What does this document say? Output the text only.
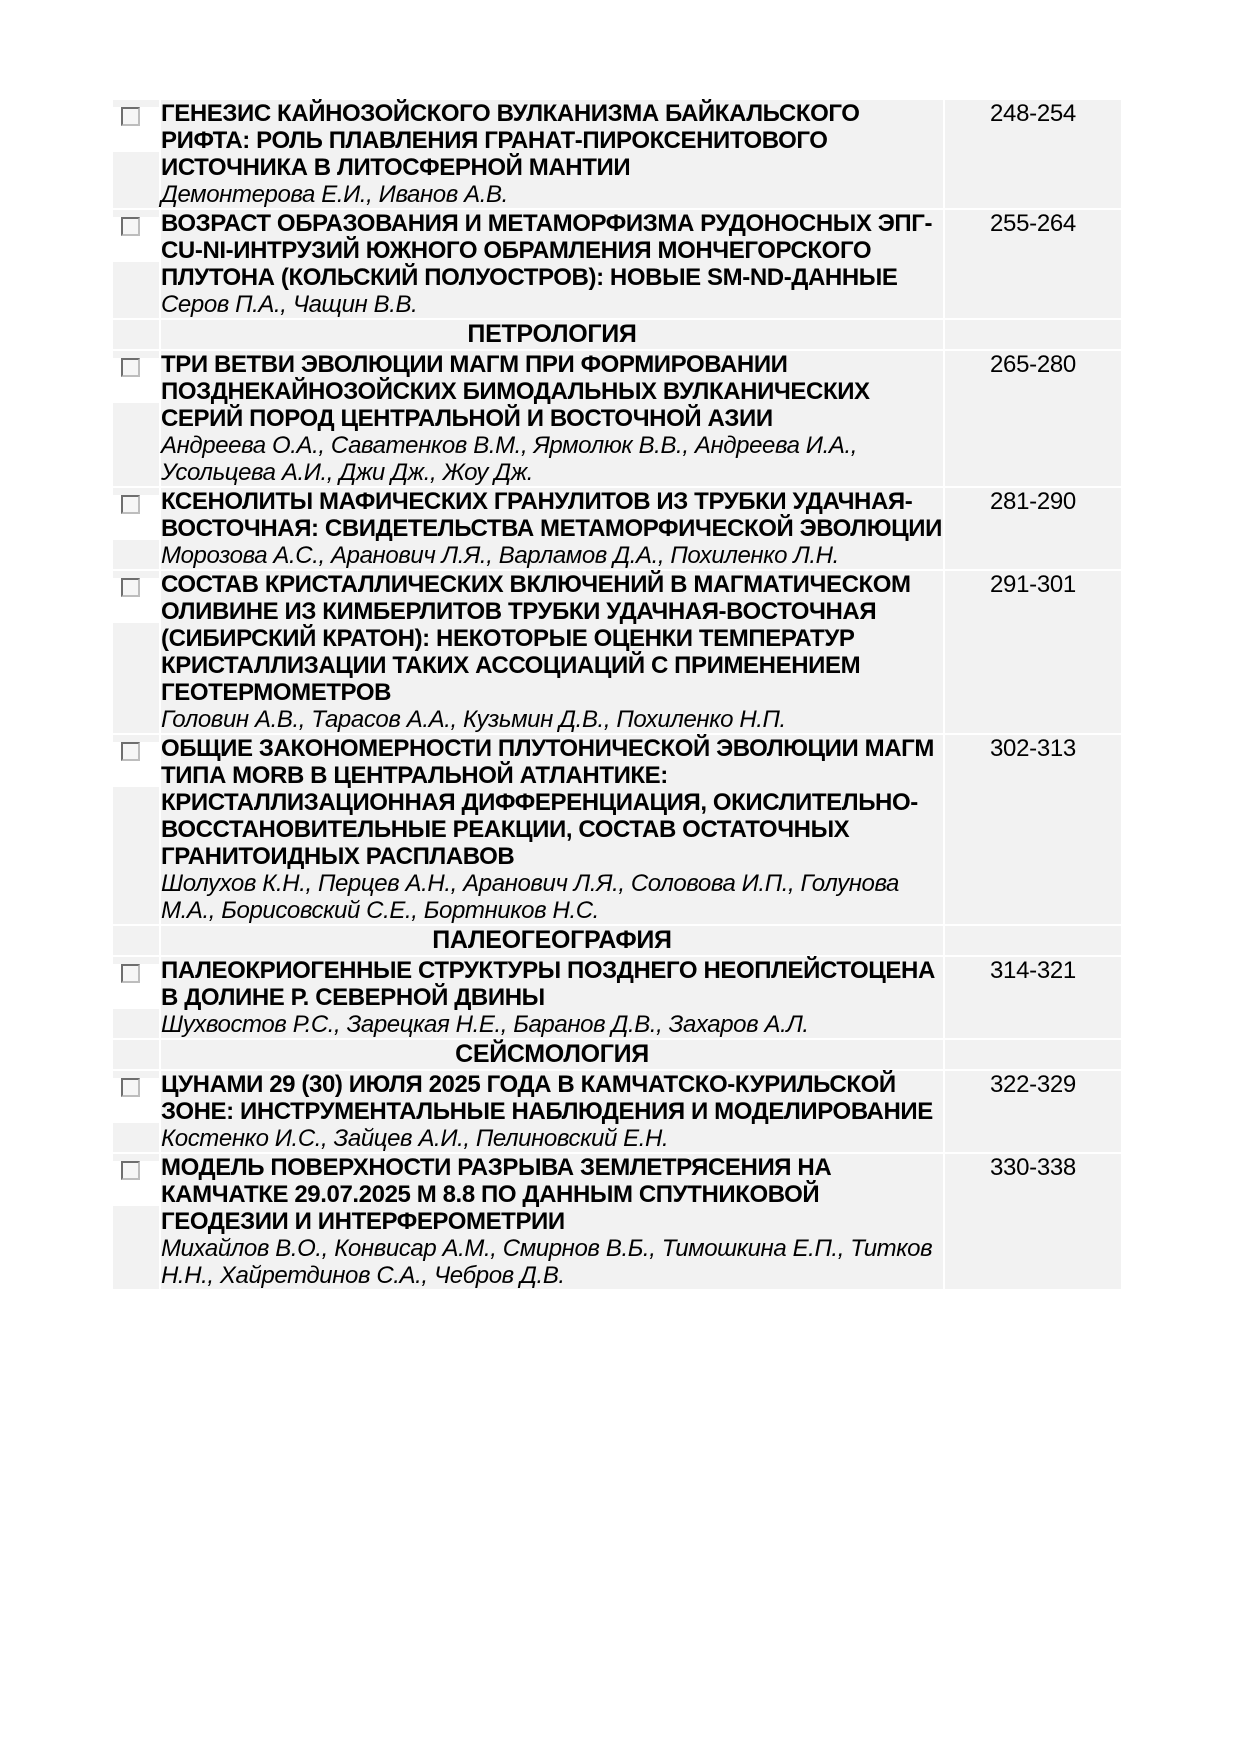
	ГЕНЕЗИС КАЙНОЗОЙСКОГО ВУЛКАНИЗМА БАЙКАЛЬСКОГО РИФТА: РОЛЬ ПЛАВЛЕНИЯ ГРАНАТ-ПИРОКСЕНИТОВОГО ИСТОЧНИКА В ЛИТОСФЕРНОЙ МАНТИИ
Демонтерова Е.И., Иванов А.В.	248-254

	ВОЗРАСТ ОБРАЗОВАНИЯ И МЕТАМОРФИЗМА РУДОНОСНЫХ ЭПГ-CU-NI-ИНТРУЗИЙ ЮЖНОГО ОБРАМЛЕНИЯ МОНЧЕГОРСКОГО ПЛУТОНА (КОЛЬСКИЙ ПОЛУОСТРОВ): НОВЫЕ SM-ND-ДАННЫЕ
Серов П.А., Чащин В.В.	255-264
	ПЕТРОЛОГИЯ	

	ТРИ ВЕТВИ ЭВОЛЮЦИИ МАГМ ПРИ ФОРМИРОВАНИИ ПОЗДНЕКАЙНОЗОЙСКИХ БИМОДАЛЬНЫХ ВУЛКАНИЧЕСКИХ СЕРИЙ ПОРОД ЦЕНТРАЛЬНОЙ И ВОСТОЧНОЙ АЗИИ
Андреева О.А., Саватенков В.М., Ярмолюк В.В., Андреева И.А., Усольцева А.И., Джи Дж., Жоу Дж.	265-280

	КСЕНОЛИТЫ МАФИЧЕСКИХ ГРАНУЛИТОВ ИЗ ТРУБКИ УДАЧНАЯ-ВОСТОЧНАЯ: СВИДЕТЕЛЬСТВА МЕТАМОРФИЧЕСКОЙ ЭВОЛЮЦИИ
Морозова А.С., Аранович Л.Я., Варламов Д.А., Похиленко Л.Н.	281-290

	СОСТАВ КРИСТАЛЛИЧЕСКИХ ВКЛЮЧЕНИЙ В МАГМАТИЧЕСКОМ ОЛИВИНЕ ИЗ КИМБЕРЛИТОВ ТРУБКИ УДАЧНАЯ-ВОСТОЧНАЯ (СИБИРСКИЙ КРАТОН): НЕКОТОРЫЕ ОЦЕНКИ ТЕМПЕРАТУР КРИСТАЛЛИЗАЦИИ ТАКИХ АССОЦИАЦИЙ С ПРИМЕНЕНИЕМ ГЕОТЕРМОМЕТРОВ
Головин А.В., Тарасов А.А., Кузьмин Д.В., Похиленко Н.П.	291-301

	ОБЩИЕ ЗАКОНОМЕРНОСТИ ПЛУТОНИЧЕСКОЙ ЭВОЛЮЦИИ МАГМ ТИПА MORB В ЦЕНТРАЛЬНОЙ АТЛАНТИКЕ: КРИСТАЛЛИЗАЦИОННАЯ ДИФФЕРЕНЦИАЦИЯ, ОКИСЛИТЕЛЬНО-ВОССТАНОВИТЕЛЬНЫЕ РЕАКЦИИ, СОСТАВ ОСТАТОЧНЫХ ГРАНИТОИДНЫХ РАСПЛАВОВ
Шолухов К.Н., Перцев А.Н., Аранович Л.Я., Соловова И.П., Голунова М.А., Борисовский С.Е., Бортников Н.С.	302-313
	ПАЛЕОГЕОГРАФИЯ	

	ПАЛЕОКРИОГЕННЫЕ СТРУКТУРЫ ПОЗДНЕГО НЕОПЛЕЙСТОЦЕНА В ДОЛИНЕ Р. СЕВЕРНОЙ ДВИНЫ
Шухвостов Р.С., Зарецкая Н.Е., Баранов Д.В., Захаров А.Л.	314-321
	СЕЙСМОЛОГИЯ	

	ЦУНАМИ 29 (30) ИЮЛЯ 2025 ГОДА В КАМЧАТСКО-КУРИЛЬСКОЙ ЗОНЕ: ИНСТРУМЕНТАЛЬНЫЕ НАБЛЮДЕНИЯ И МОДЕЛИРОВАНИЕ
Костенко И.С., Зайцев А.И., Пелиновский Е.Н.	322-329

	МОДЕЛЬ ПОВЕРХНОСТИ РАЗРЫВА ЗЕМЛЕТРЯСЕНИЯ НА КАМЧАТКЕ 29.07.2025 M 8.8 ПО ДАННЫМ СПУТНИКОВОЙ ГЕОДЕЗИИ И ИНТЕРФЕРОМЕТРИИ
Михайлов В.О., Конвисар А.М., Смирнов В.Б., Тимошкина Е.П., Титков Н.Н., Хайретдинов С.А., Чебров Д.В.	330-338
